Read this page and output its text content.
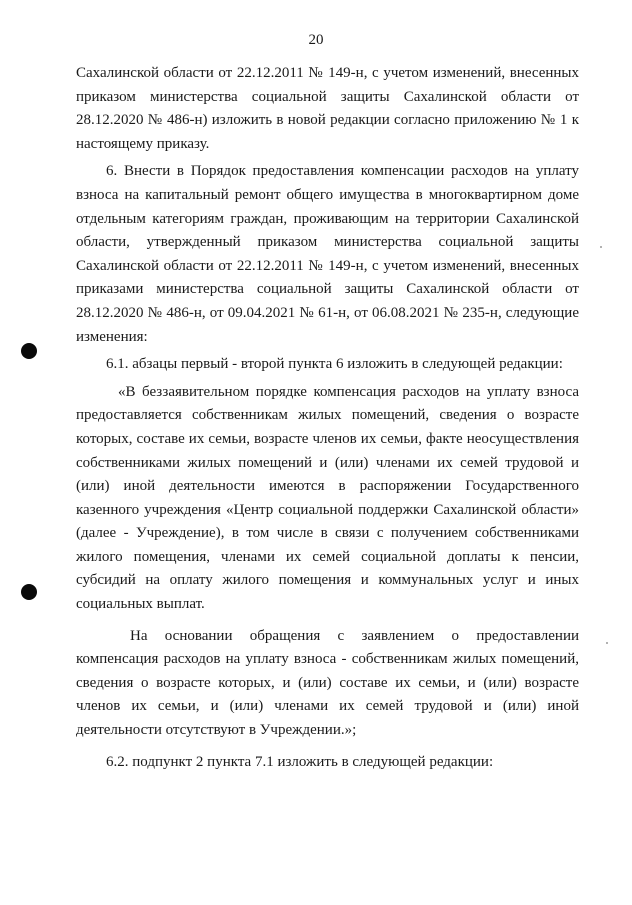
20

Сахалинской области от 22.12.2011 № 149-н, с учетом изменений, внесенных приказом министерства социальной защиты Сахалинской области от 28.12.2020 № 486-н) изложить в новой редакции согласно приложению № 1 к настоящему приказу.

6. Внести в Порядок предоставления компенсации расходов на уплату взноса на капитальный ремонт общего имущества в многоквартирном доме отдельным категориям граждан, проживающим на территории Сахалинской области, утвержденный приказом министерства социальной защиты Сахалинской области от 22.12.2011 № 149-н, с учетом изменений, внесенных приказами министерства социальной защиты Сахалинской области от 28.12.2020 № 486-н, от 09.04.2021 № 61-н, от 06.08.2021 № 235-н, следующие изменения:

6.1. абзацы первый - второй пункта 6 изложить в следующей редакции:

«В беззаявительном порядке компенсация расходов на уплату взноса предоставляется собственникам жилых помещений, сведения о возрасте которых, составе их семьи, возрасте членов их семьи, факте неосуществления собственниками жилых помещений и (или) членами их семей трудовой и (или) иной деятельности имеются в распоряжении Государственного казенного учреждения «Центр социальной поддержки Сахалинской области» (далее - Учреждение), в том числе в связи с получением собственниками жилого помещения, членами их семей социальной доплаты к пенсии, субсидий на оплату жилого помещения и коммунальных услуг и иных социальных выплат.

На основании обращения с заявлением о предоставлении компенсация расходов на уплату взноса - собственникам жилых помещений, сведения о возрасте которых, и (или) составе их семьи, и (или) возрасте членов их семьи, и (или) членами их семей трудовой и (или) иной деятельности отсутствуют в Учреждении.»;

6.2. подпункт 2 пункта 7.1 изложить в следующей редакции:
